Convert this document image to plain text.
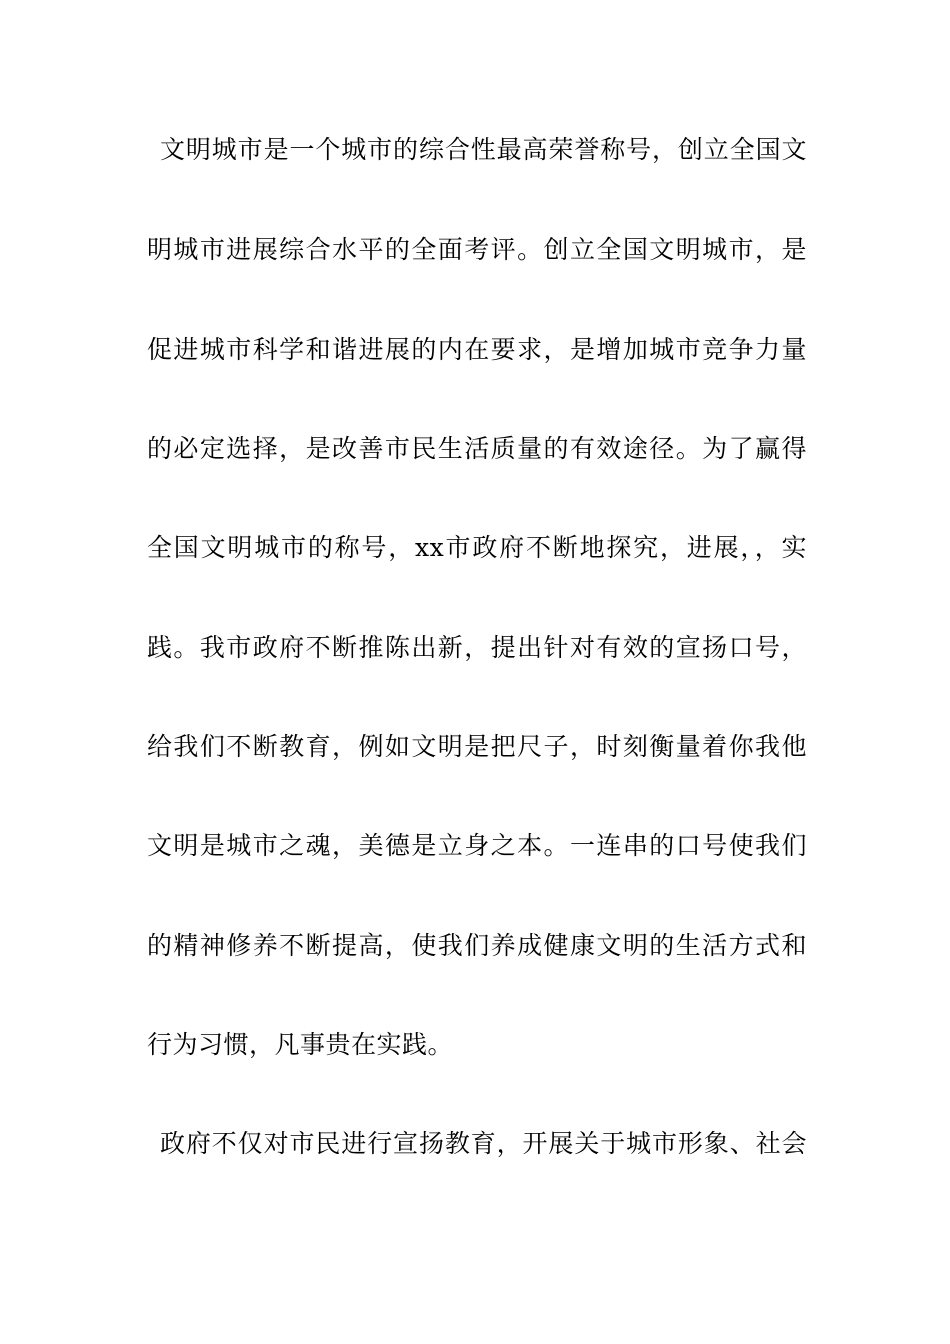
文明城市是一个城市的综合性最高荣誉称号，创立全国文
明城市进展综合水平的全面考评。创立全国文明城市，是
促进城市科学和谐进展的内在要求，是增加城市竞争力量
的必定选择，是改善市民生活质量的有效途径。为了赢得
全国文明城市的称号，xx市政府不断地探究，进展，，实
践。我市政府不断推陈出新，提出针对有效的宣扬口号，
给我们不断教育，例如文明是把尺子，时刻衡量着你我他
文明是城市之魂，美德是立身之本。一连串的口号使我们
的精神修养不断提高，使我们养成健康文明的生活方式和
行为习惯，凡事贵在实践。
政府不仅对市民进行宣扬教育，开展关于城市形象、社会
